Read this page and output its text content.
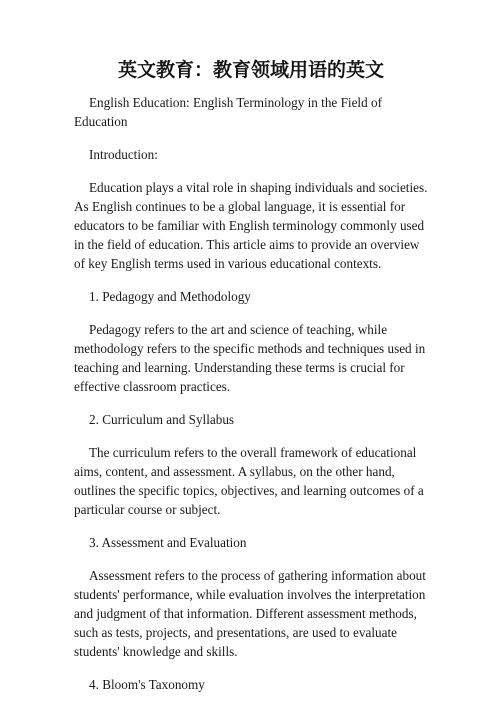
英文教育：教育领域用语的英文

English Education: English Terminology in the Field of Education

Introduction:

Education plays a vital role in shaping individuals and societies. As English continues to be a global language, it is essential for educators to be familiar with English terminology commonly used in the field of education. This article aims to provide an overview of key English terms used in various educational contexts.

1. Pedagogy and Methodology

Pedagogy refers to the art and science of teaching, while methodology refers to the specific methods and techniques used in teaching and learning. Understanding these terms is crucial for effective classroom practices.

2. Curriculum and Syllabus

The curriculum refers to the overall framework of educational aims, content, and assessment. A syllabus, on the other hand, outlines the specific topics, objectives, and learning outcomes of a particular course or subject.

3. Assessment and Evaluation

Assessment refers to the process of gathering information about students' performance, while evaluation involves the interpretation and judgment of that information. Different assessment methods, such as tests, projects, and presentations, are used to evaluate students' knowledge and skills.

4. Bloom's Taxonomy
